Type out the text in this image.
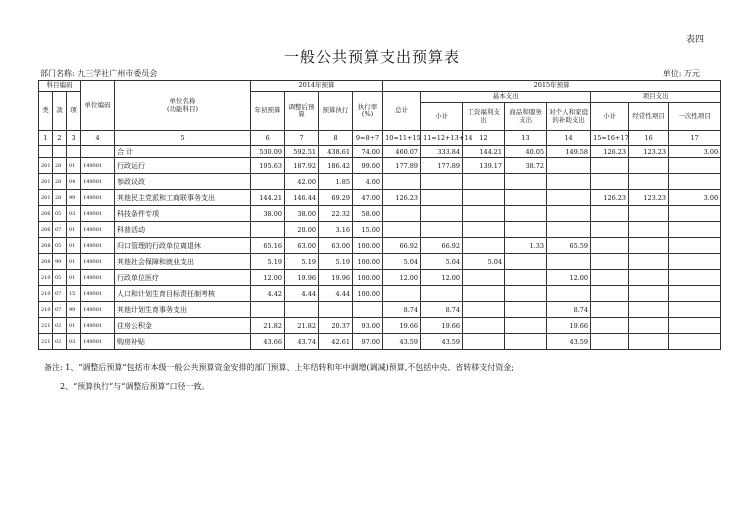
表四
一般公共预算支出预算表
部门名称: 九三学社广州市委员会	单位: 万元
科目编码			单位编码	单位名称
(功能科目)	2014年预算				2015年预算							
类	款	项			年初预算	调整后预算	预算执行	执行率 (%)	总计	基本支出				项目支出		
										小计	工资福利支出	商品和服务支出	对个人和家庭的补助支出	小计	经常性项目	一次性项目
1	2	3	4	5	6	7	8	9=8÷7	10=11+15	11=12+13+14	12	13	14	15=16+17	16	17
				合 计	530.09	592.51	438.61	74.00	460.07	333.84	144.21	40.05	149.58	126.23	123.23	3.00
201	28	01	149001	行政运行	195.63	187.92	186.42	99.00	177.89	177.89	139.17	38.72				
201	28	04	149001	参政议政		42.00	1.85	4.00								
201	28	99	149001	其他民主党派和工商联事务支出	144.21	146.44	69.29	47.00	126.23					126.23	123.23	3.00
206	05	03	149001	科技条件专项	38.00	38.00	22.32	58.00								
206	07	01	149001	科普活动		20.00	3.16	15.00								
208	05	01	149001	归口管理的行政单位离退休	65.16	63.00	63.00	100.00	66.92	66.92		1.33	65.59			
208	99	01	149001	其他社会保障和就业支出	5.19	5.19	5.19	100.00	5.04	5.04	5.04					
210	05	01	149001	行政单位医疗	12.00	19.96	19.96	100.00	12.00	12.00			12.00			
210	07	15	149001	人口和计划生育目标责任制考核	4.42	4.44	4.44	100.00								
210	07	99	149001	其他计划生育事务支出					8.74	8.74			8.74			
221	02	01	149001	住房公积金	21.82	21.82	20.37	93.00	19.66	19.66			19.66			
221	02	03	149001	购房补贴	43.66	43.74	42.61	97.00	43.59	43.59			43.59			
备注: 1、“调整后预算”包括市本级一般公共预算资金安排的部门预算、上年结转和年中调增(调减)预算,不包括中央、省转移支付资金;
2、“预算执行”与“调整后预算”口径一致。
